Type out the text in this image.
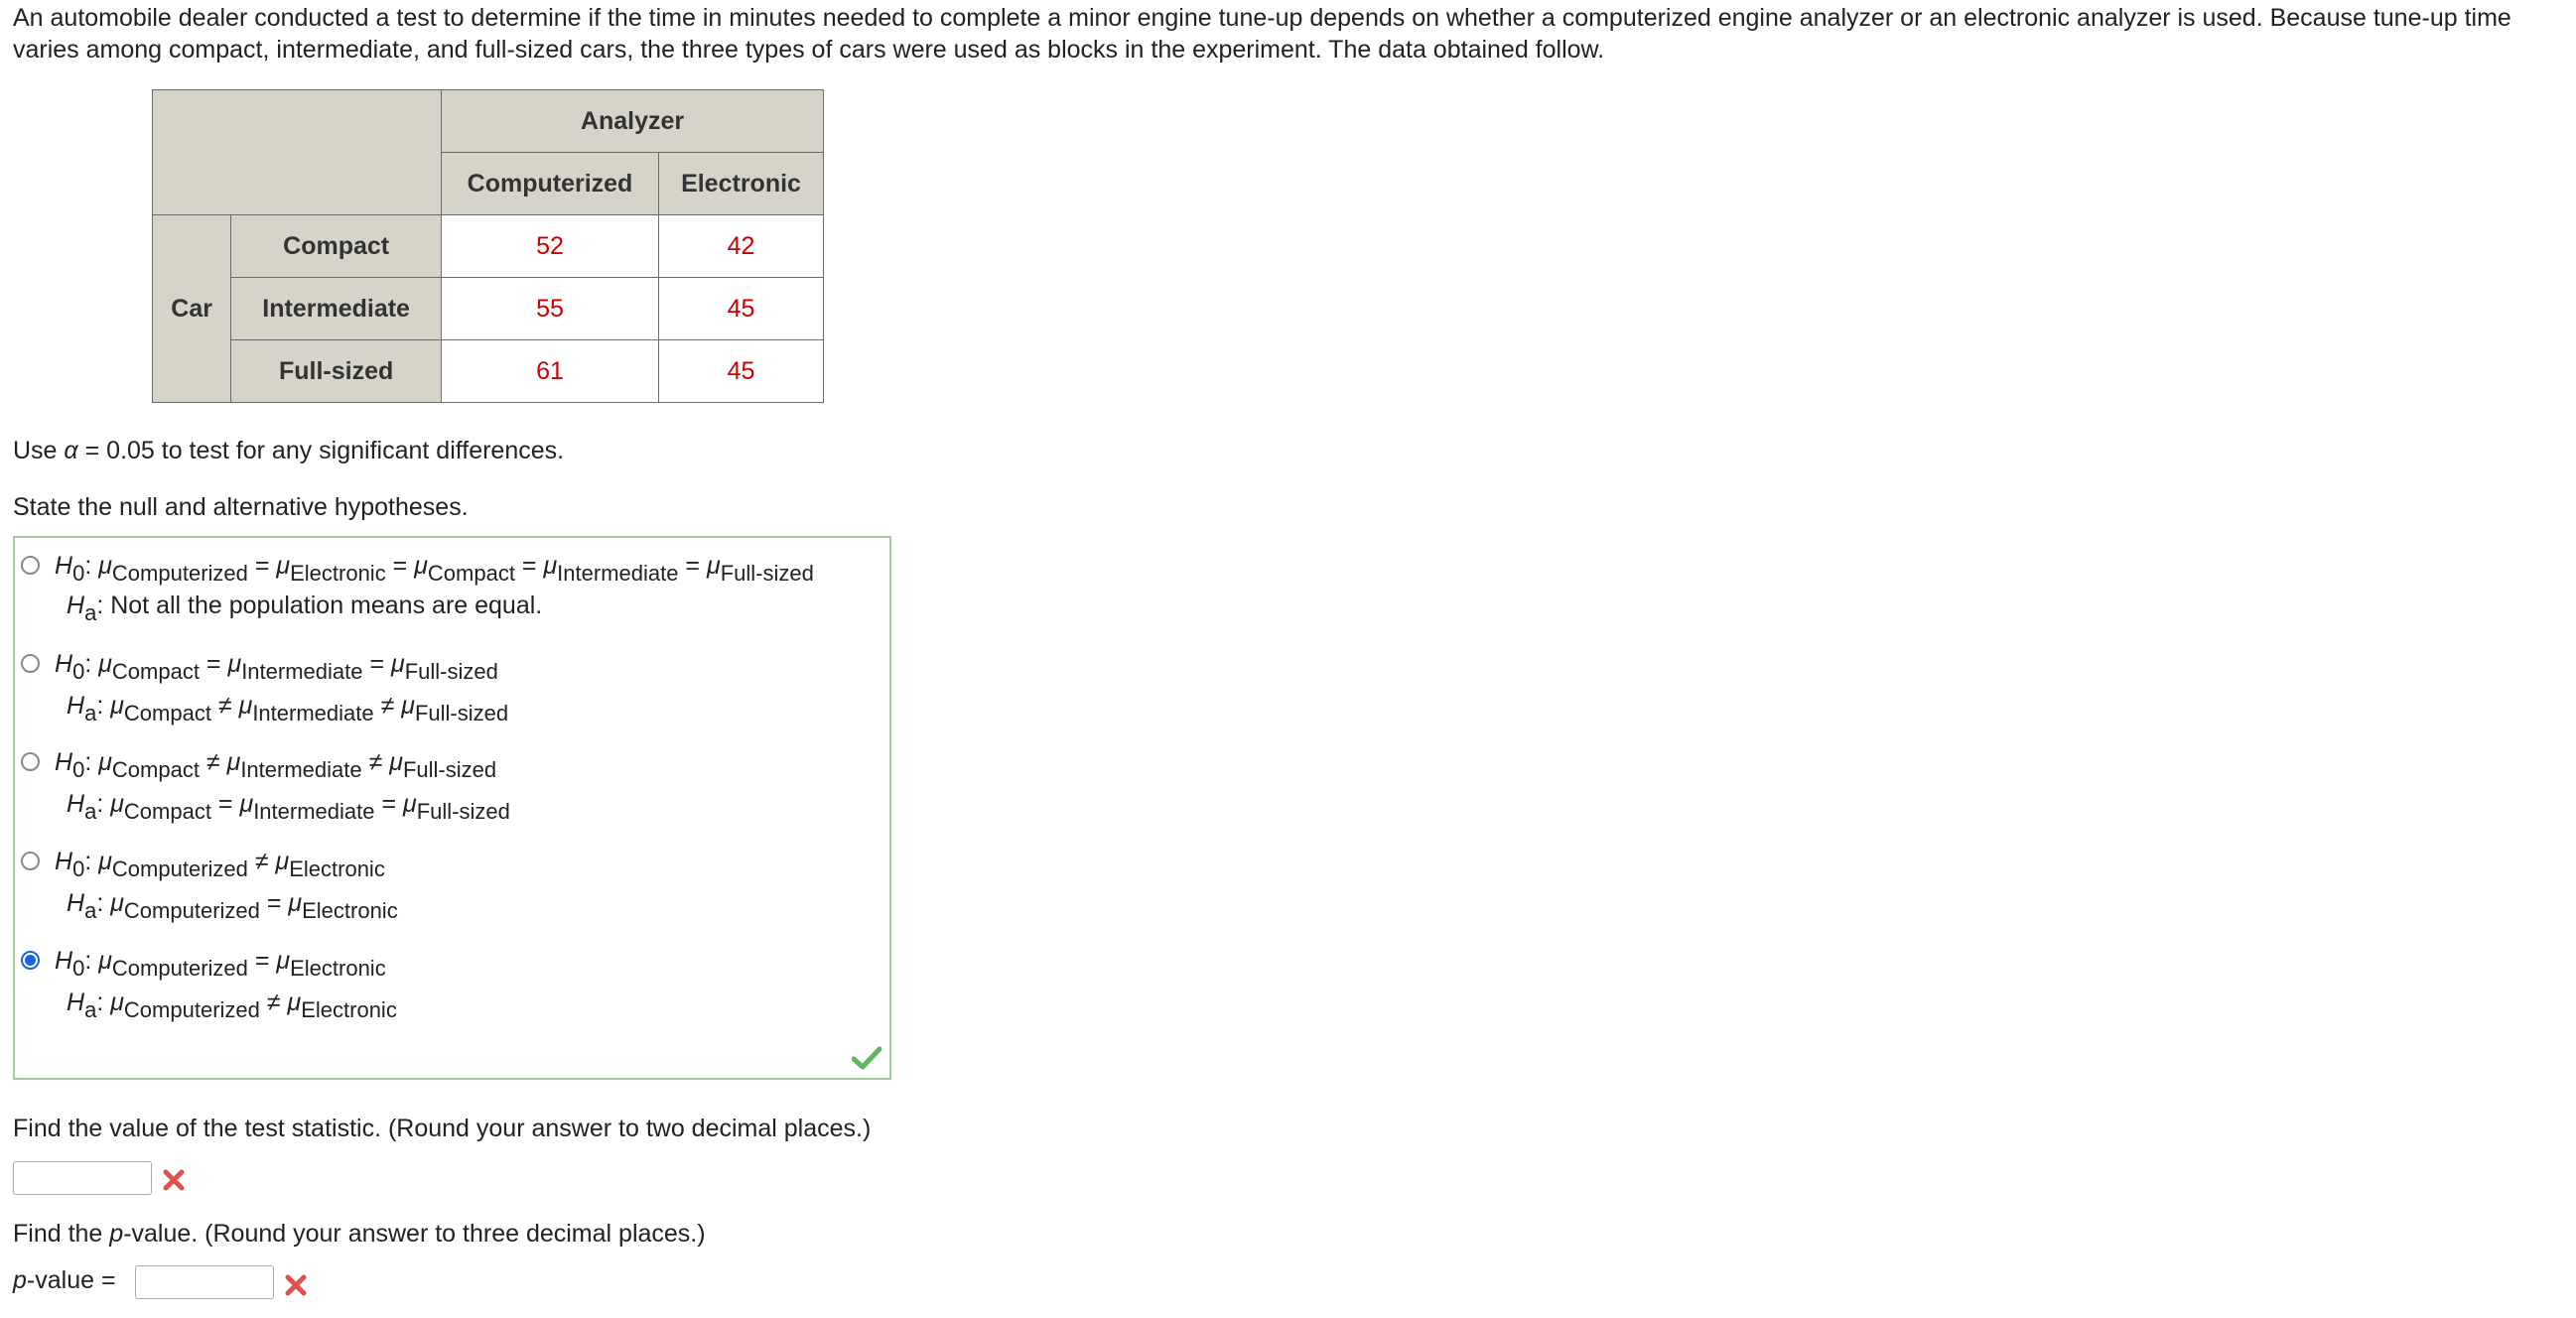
An automobile dealer conducted a test to determine if the time in minutes needed to complete a minor engine tune-up depends on whether a computerized engine analyzer or an electronic analyzer is used. Because tune-up time varies among compact, intermediate, and full-sized cars, the three types of cars were used as blocks in the experiment. The data obtained follow.

		Analyzer	
		Computerized	Electronic
Car	Compact	52	42
	Intermediate	55	45
	Full-sized	61	45

Use α = 0.05 to test for any significant differences.

State the null and alternative hypotheses.

$H_0$: $\mu_{Computerized} = \mu_{Electronic} = \mu_{Compact} = \mu_{Intermediate} = \mu_{Full-sized}$
$H_a$: Not all the population means are equal.
$H_0$: $\mu_{Compact} = \mu_{Intermediate} = \mu_{Full-sized}$
$H_a$: $\mu_{Compact} \ne \mu_{Intermediate} \ne \mu_{Full-sized}$
$H_0$: $\mu_{Compact} \ne \mu_{Intermediate} \ne \mu_{Full-sized}$
$H_a$: $\mu_{Compact} = \mu_{Intermediate} = \mu_{Full-sized}$
$H_0$: $\mu_{Computerized} \ne \mu_{Electronic}$
$H_a$: $\mu_{Computerized} = \mu_{Electronic}$
$H_0$: $\mu_{Computerized} = \mu_{Electronic}$
$H_a$: $\mu_{Computerized} \ne \mu_{Electronic}$

Find the value of the test statistic. (Round your answer to two decimal places.)

Find the p-value. (Round your answer to three decimal places.)

p-value =
